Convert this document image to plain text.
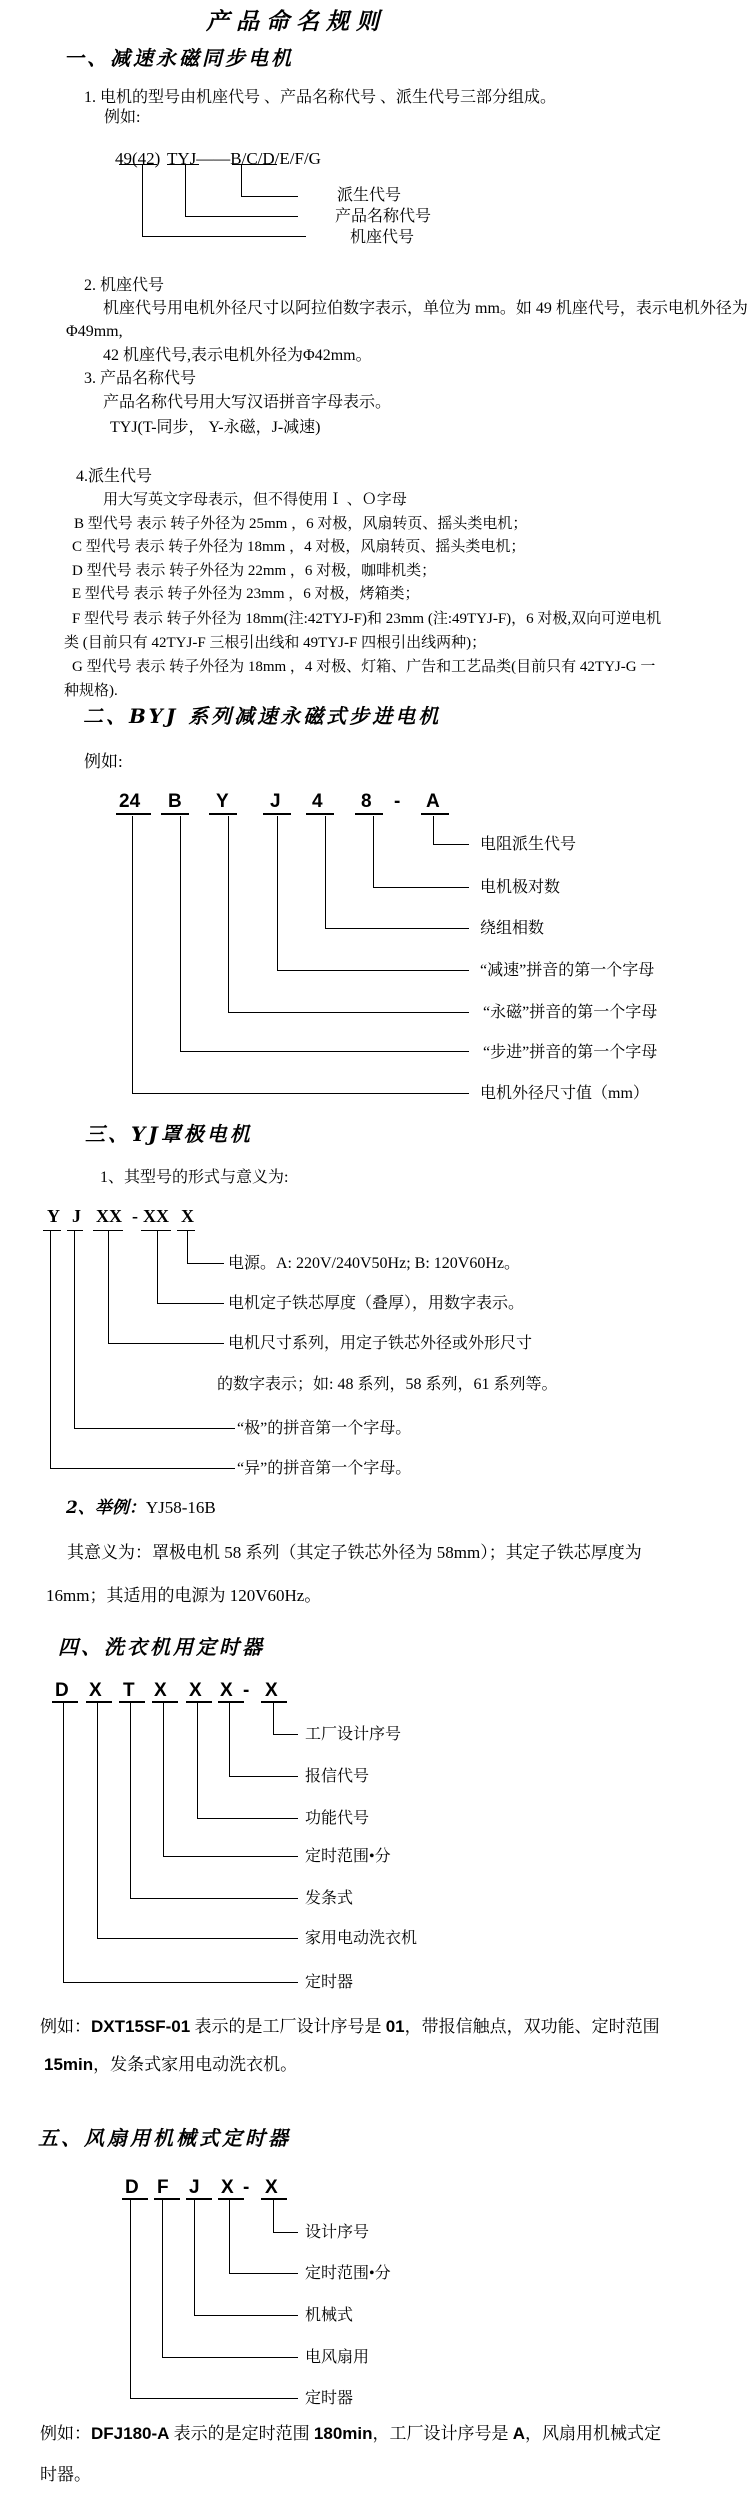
产品命名规则
一、减速永磁同步电机
1. 电机的型号由机座代号 、产品名称代号 、派生代号三部分组成。
例如:
49(42) TYJ——B/C/D/E/F/G
派生代号
产品名称代号
机座代号
2. 机座代号
机座代号用电机外径尺寸以阿拉伯数字表示，单位为 mm。如 49 机座代号，表示电机外径为
Φ49mm,
42 机座代号,表示电机外径为Φ42mm。
3. 产品名称代号
产品名称代号用大写汉语拼音字母表示。
TYJ(T-同步， Y-永磁，J-减速)
4.派生代号
用大写英文字母表示，但不得使用Ｉ 、Ｏ字母
B 型代号 表示 转子外径为 25mm ，6 对极，风扇转页、摇头类电机；
C 型代号 表示 转子外径为 18mm ，4 对极，风扇转页、摇头类电机；
D 型代号 表示 转子外径为 22mm ，6 对极，咖啡机类；
E 型代号 表示 转子外径为 23mm ，6 对极，烤箱类；
F 型代号 表示 转子外径为 18mm(注:42TYJ-F)和 23mm (注:49TYJ-F)，6 对极,双向可逆电机
类 (目前只有 42TYJ-F 三根引出线和 49TYJ-F 四根引出线两种)；
G 型代号 表示 转子外径为 18mm ，4 对极、灯箱、广告和工艺品类(目前只有 42TYJ-G 一
种规格).
二、BYJ 系列减速永磁式步进电机
例如:
24 B Y J 4 8 - A
电阻派生代号
电机极对数
绕组相数
“减速”拼音的第一个字母
“永磁”拼音的第一个字母
“步进”拼音的第一个字母
电机外径尺寸值（mm）
三、YJ罩极电机
1、其型号的形式与意义为:
Y J XX - XX X
电源。A: 220V/240V50Hz; B: 120V60Hz。
电机定子铁芯厚度（叠厚），用数字表示。
电机尺寸系列，用定子铁芯外径或外形尺寸
的数字表示；如: 48 系列，58 系列，61 系列等。
“极”的拼音第一个字母。
“异”的拼音第一个字母。
2、举例：YJ58-16B
其意义为：罩极电机 58 系列（其定子铁芯外径为 58mm）；其定子铁芯厚度为
16mm；其适用的电源为 120V60Hz。
四、洗衣机用定时器
D X T X X X - X
工厂设计序号
报信代号
功能代号
定时范围•分
发条式
家用电动洗衣机
定时器
例如：DXT15SF-01 表示的是工厂设计序号是 01，带报信触点，双功能、定时范围
15min，发条式家用电动洗衣机。
五、风扇用机械式定时器
D F J X - X
设计序号
定时范围•分
机械式
电风扇用
定时器
例如：DFJ180-A 表示的是定时范围 180min，工厂设计序号是 A，风扇用机械式定
时器。
